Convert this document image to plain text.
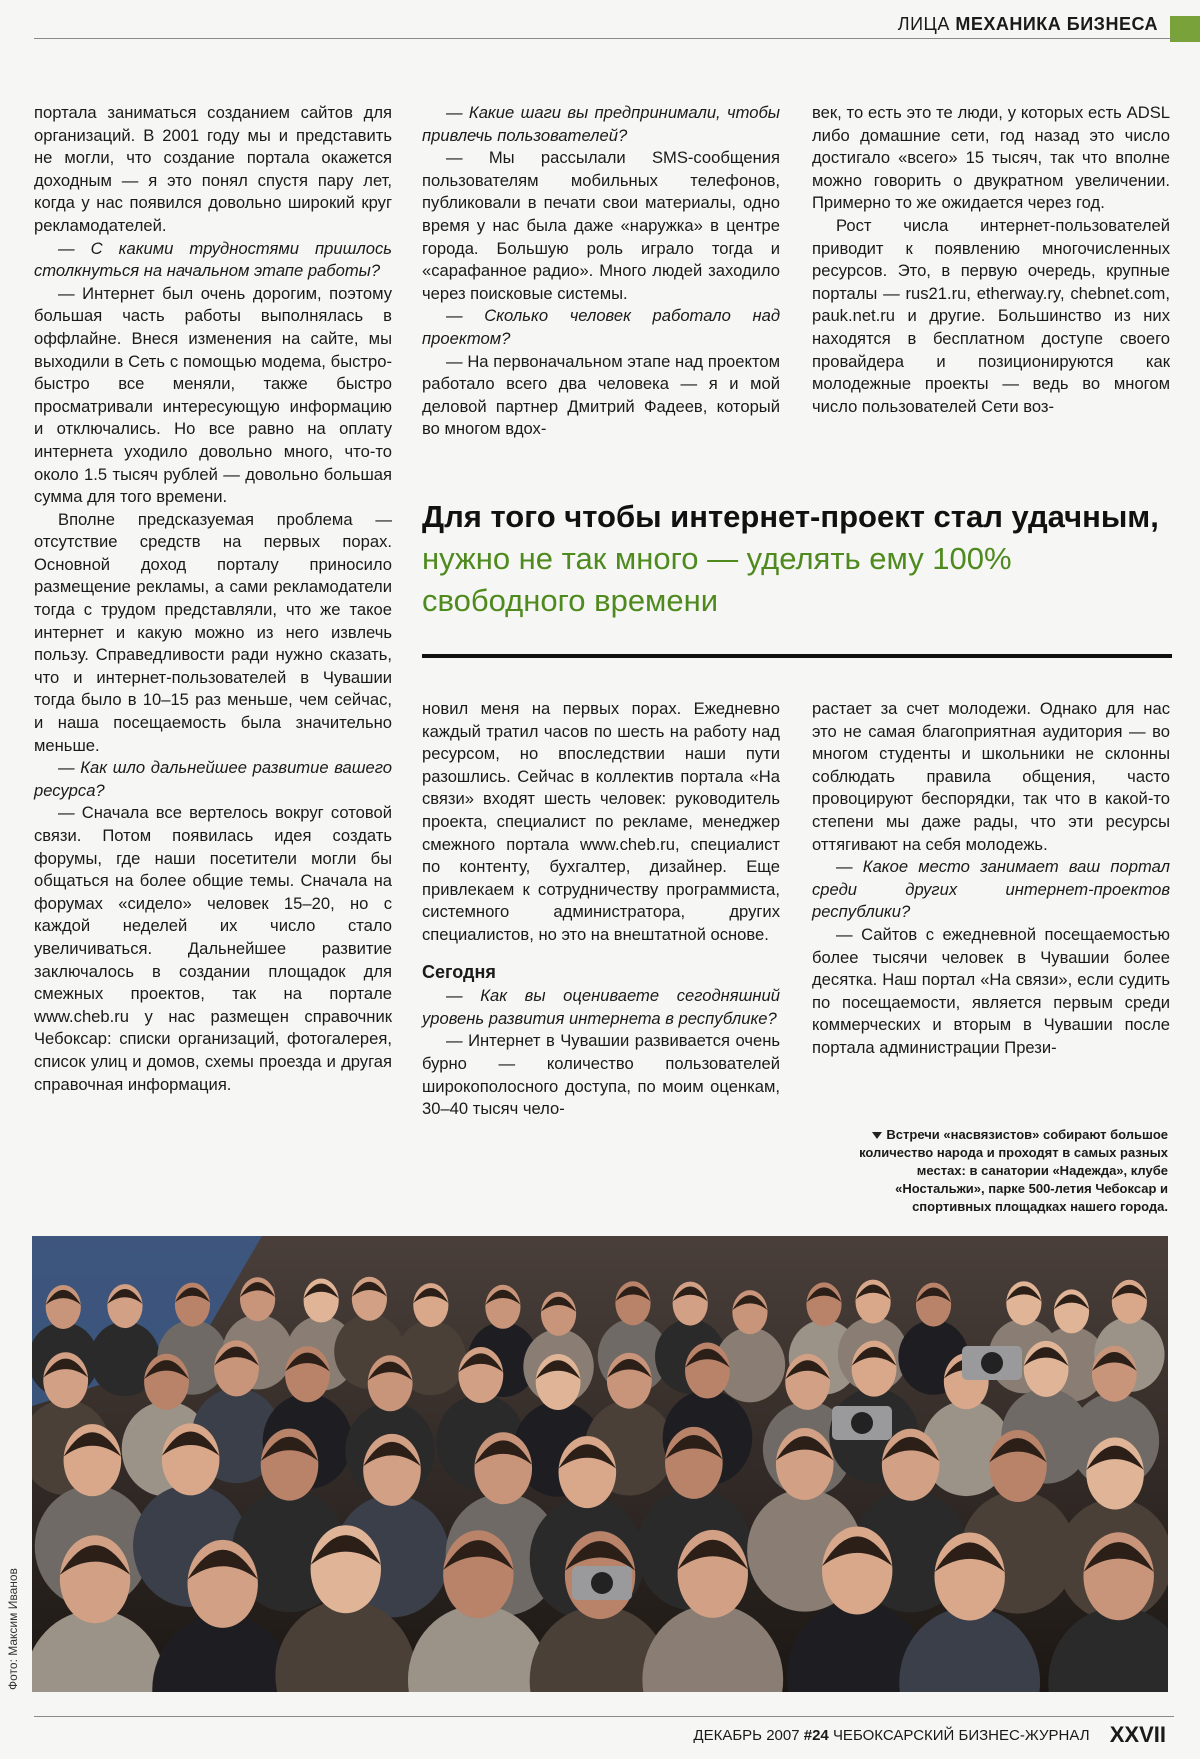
ЛИЦА МЕХАНИКА БИЗНЕСА

портала заниматься созданием сайтов для организаций. В 2001 году мы и представить не могли, что создание портала окажется доходным — я это понял спустя пару лет, когда у нас появился довольно широкий круг рекламодателей.

— С какими трудностями пришлось столкнуться на начальном этапе работы?

— Интернет был очень дорогим, поэтому большая часть работы выполнялась в оффлайне. Внеся изменения на сайте, мы выходили в Сеть с помощью модема, быстро-быстро все меняли, также быстро просматривали интересующую информацию и отключались. Но все равно на оплату интернета уходило довольно много, что-то около 1.5 тысяч рублей — довольно большая сумма для того времени.

Вполне предсказуемая проблема — отсутствие средств на первых порах. Основной доход порталу приносило размещение рекламы, а сами рекламодатели тогда с трудом представляли, что же такое интернет и какую можно из него извлечь пользу. Справедливости ради нужно сказать, что и интернет-пользователей в Чувашии тогда было в 10–15 раз меньше, чем сейчас, и наша посещаемость была значительно меньше.

— Как шло дальнейшее развитие вашего ресурса?

— Сначала все вертелось вокруг сотовой связи. Потом появилась идея создать форумы, где наши посетители могли бы общаться на более общие темы. Сначала на форумах «сидело» человек 15–20, но с каждой неделей их число стало увеличиваться. Дальнейшее развитие заключалось в создании площадок для смежных проектов, так на портале www.cheb.ru у нас размещен справочник Чебоксар: списки организаций, фотогалерея, список улиц и домов, схемы проезда и другая справочная информация.

— Какие шаги вы предпринимали, чтобы привлечь пользователей?

— Мы рассылали SMS-сообщения пользователям мобильных телефонов, публиковали в печати свои материалы, одно время у нас была даже «наружка» в центре города. Большую роль играло тогда и «сарафанное радио». Много людей заходило через поисковые системы.

— Сколько человек работало над проектом?

— На первоначальном этапе над проектом работало всего два человека — я и мой деловой партнер Дмитрий Фадеев, который во многом вдох-

век, то есть это те люди, у которых есть ADSL либо домашние сети, год назад это число достигало «всего» 15 тысяч, так что вполне можно говорить о двукратном увеличении. Примерно то же ожидается через год.

Рост числа интернет-пользователей приводит к появлению многочисленных ресурсов. Это, в первую очередь, крупные порталы — rus21.ru, etherway.ry, chebnet.com, pauk.net.ru и другие. Большинство из них находятся в бесплатном доступе своего провайдера и позиционируются как молодежные проекты — ведь во многом число пользователей Сети воз-

Для того чтобы интернет-проект стал удачным, нужно не так много — уделять ему 100% свободного времени

новил меня на первых порах. Ежедневно каждый тратил часов по шесть на работу над ресурсом, но впоследствии наши пути разошлись. Сейчас в коллектив портала «На связи» входят шесть человек: руководитель проекта, специалист по рекламе, менеджер смежного портала www.cheb.ru, специалист по контенту, бухгалтер, дизайнер. Еще привлекаем к сотрудничеству программиста, системного администратора, других специалистов, но это на внештатной основе.

Сегодня

— Как вы оцениваете сегодняшний уровень развития интернета в республике?

— Интернет в Чувашии развивается очень бурно — количество пользователей широкополосного доступа, по моим оценкам, 30–40 тысяч чело-

растает за счет молодежи. Однако для нас это не самая благоприятная аудитория — во многом студенты и школьники не склонны соблюдать правила общения, часто провоцируют беспорядки, так что в какой-то степени мы даже рады, что эти ресурсы оттягивают на себя молодежь.

— Какое место занимает ваш портал среди других интернет-проектов республики?

— Сайтов с ежедневной посещаемостью более тысячи человек в Чувашии более десятка. Наш портал «На связи», если судить по посещаемости, является первым среди коммерческих и вторым в Чувашии после портала администрации Прези-

Встречи «насвязистов» собирают большое количество народа и проходят в самых разных местах: в санатории «Надежда», клубе «Ностальжи», парке 500-летия Чебоксар и спортивных площадках нашего города.
Фото: Максим Иванов
ДЕКАБРЬ 2007 #24 ЧЕБОКСАРСКИЙ БИЗНЕС-ЖУРНАЛ XXVII
